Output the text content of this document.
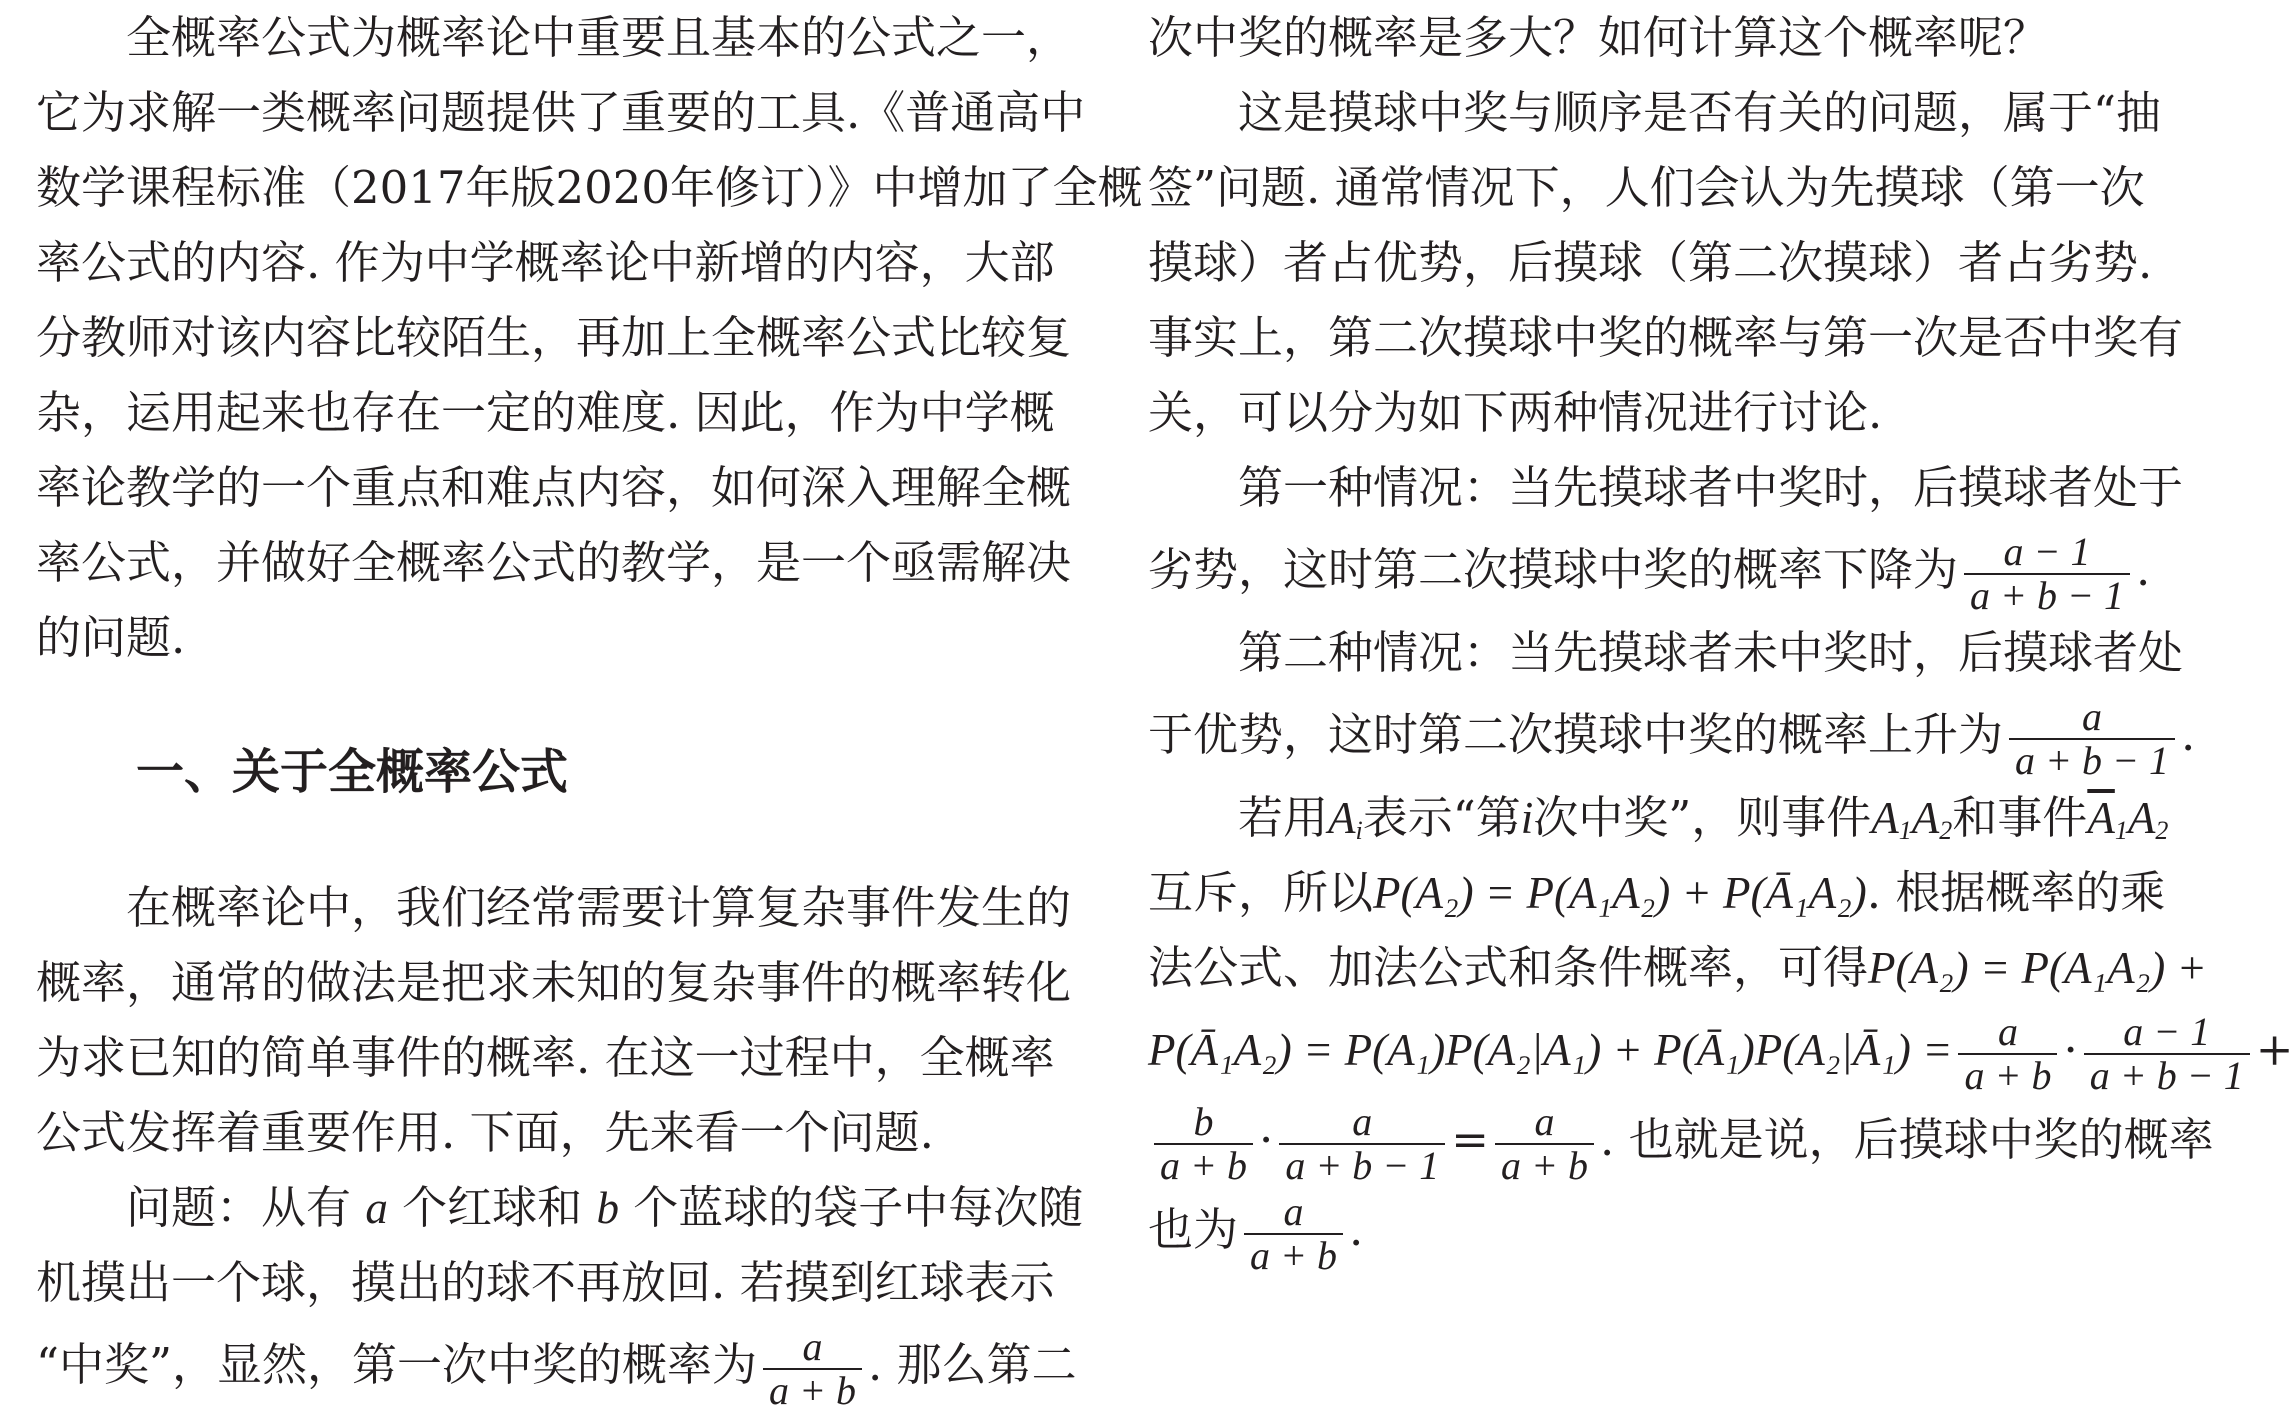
全概率公式为概率论中重要且基本的公式之一，
它为求解一类概率问题提供了重要的工具.《普通高中
数学课程标准（2017年版2020年修订）》中增加了全概
率公式的内容. 作为中学概率论中新增的内容，大部
分教师对该内容比较陌生，再加上全概率公式比较复
杂，运用起来也存在一定的难度. 因此，作为中学概
率论教学的一个重点和难点内容，如何深入理解全概
率公式，并做好全概率公式的教学，是一个亟需解决
的问题.
一、关于全概率公式
在概率论中，我们经常需要计算复杂事件发生的
概率，通常的做法是把求未知的复杂事件的概率转化
为求已知的简单事件的概率. 在这一过程中，全概率
公式发挥着重要作用. 下面，先来看一个问题.
问题：从有 a 个红球和 b 个蓝球的袋子中每次随
机摸出一个球，摸出的球不再放回. 若摸到红球表示
“中奖”，显然，第一次中奖的概率为 $\frac{a}{a + b}$ . 那么第二
次中奖的概率是多大？如何计算这个概率呢？
这是摸球中奖与顺序是否有关的问题，属于“抽
签”问题. 通常情况下，人们会认为先摸球（第一次
摸球）者占优势，后摸球（第二次摸球）者占劣势.
事实上，第二次摸球中奖的概率与第一次是否中奖有
关，可以分为如下两种情况进行讨论.
第一种情况：当先摸球者中奖时，后摸球者处于
劣势，这时第二次摸球中奖的概率下降为 $\frac{a - 1}{a + b - 1}$ .
第二种情况：当先摸球者未中奖时，后摸球者处
于优势，这时第二次摸球中奖的概率上升为 $\frac{a}{a + b - 1}$ .
若用$A_i$表示“第i次中奖”，则事件$A_1A_2$和事件$\overline{A}_1A_2$
互斥，所以P(A₂) = P(A₁A₂) + P(Ā₁A₂). 根据概率的乘
法公式、加法公式和条件概率，可得P(A₂) = P(A₁A₂) +
P(Ā₁A₂) = P(A₁)P(A₂|A₁) + P(Ā₁)P(A₂|Ā₁) = $\frac{a}{a + b} \cdot \frac{a - 1}{a + b - 1}$ +
$\frac{b}{a + b} \cdot \frac{a}{a + b - 1} = \frac{a}{a + b}$ . 也就是说，后摸球中奖的概率
也为 $\frac{a}{a + b}$ .
